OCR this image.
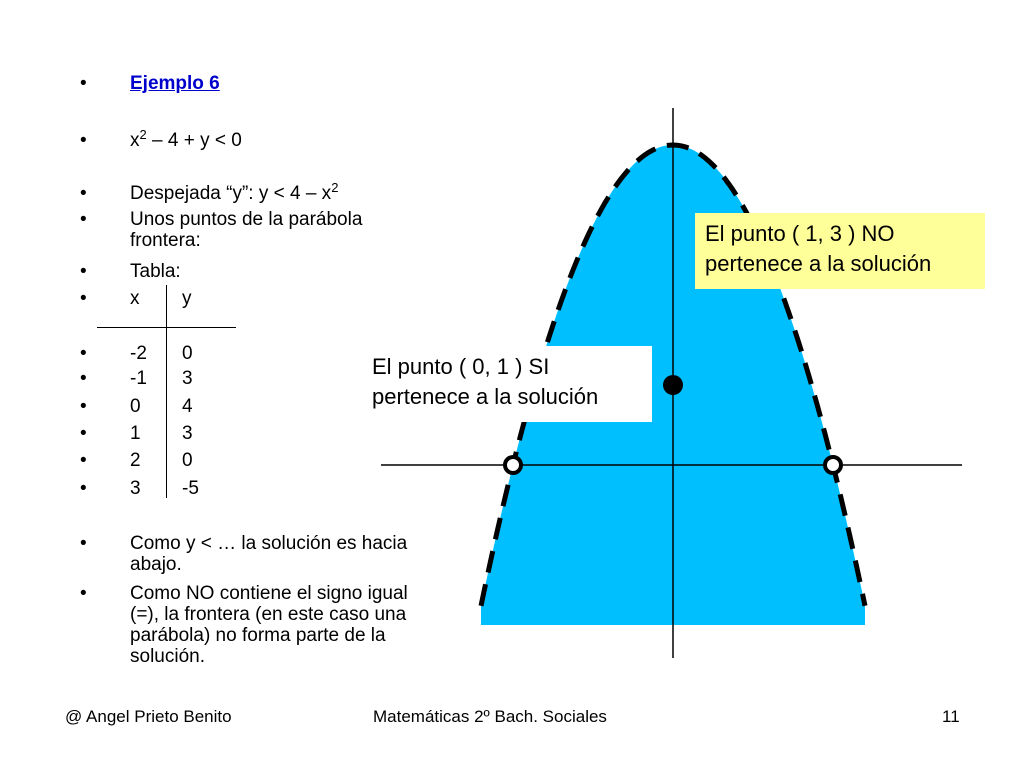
• Ejemplo 6
• $x^2 - 4 + y < 0$
• Despejada “y”: $y < 4 - x^2$
• Unos puntos de la parábola frontera:
• Tabla:
• x y
• -2 0
• -1 3
• 0 4
• 1 3
• 2 0
• 3 -5
• Como y < … la solución es hacia abajo.
• Como NO contiene el signo igual (=), la frontera (en este caso una parábola) no forma parte de la solución.
El punto ( 1, 3 ) NO pertenece a la solución
El punto ( 0, 1 ) SI pertenece a la solución
@ Angel Prieto Benito	Matemáticas 2º Bach. Sociales	11
